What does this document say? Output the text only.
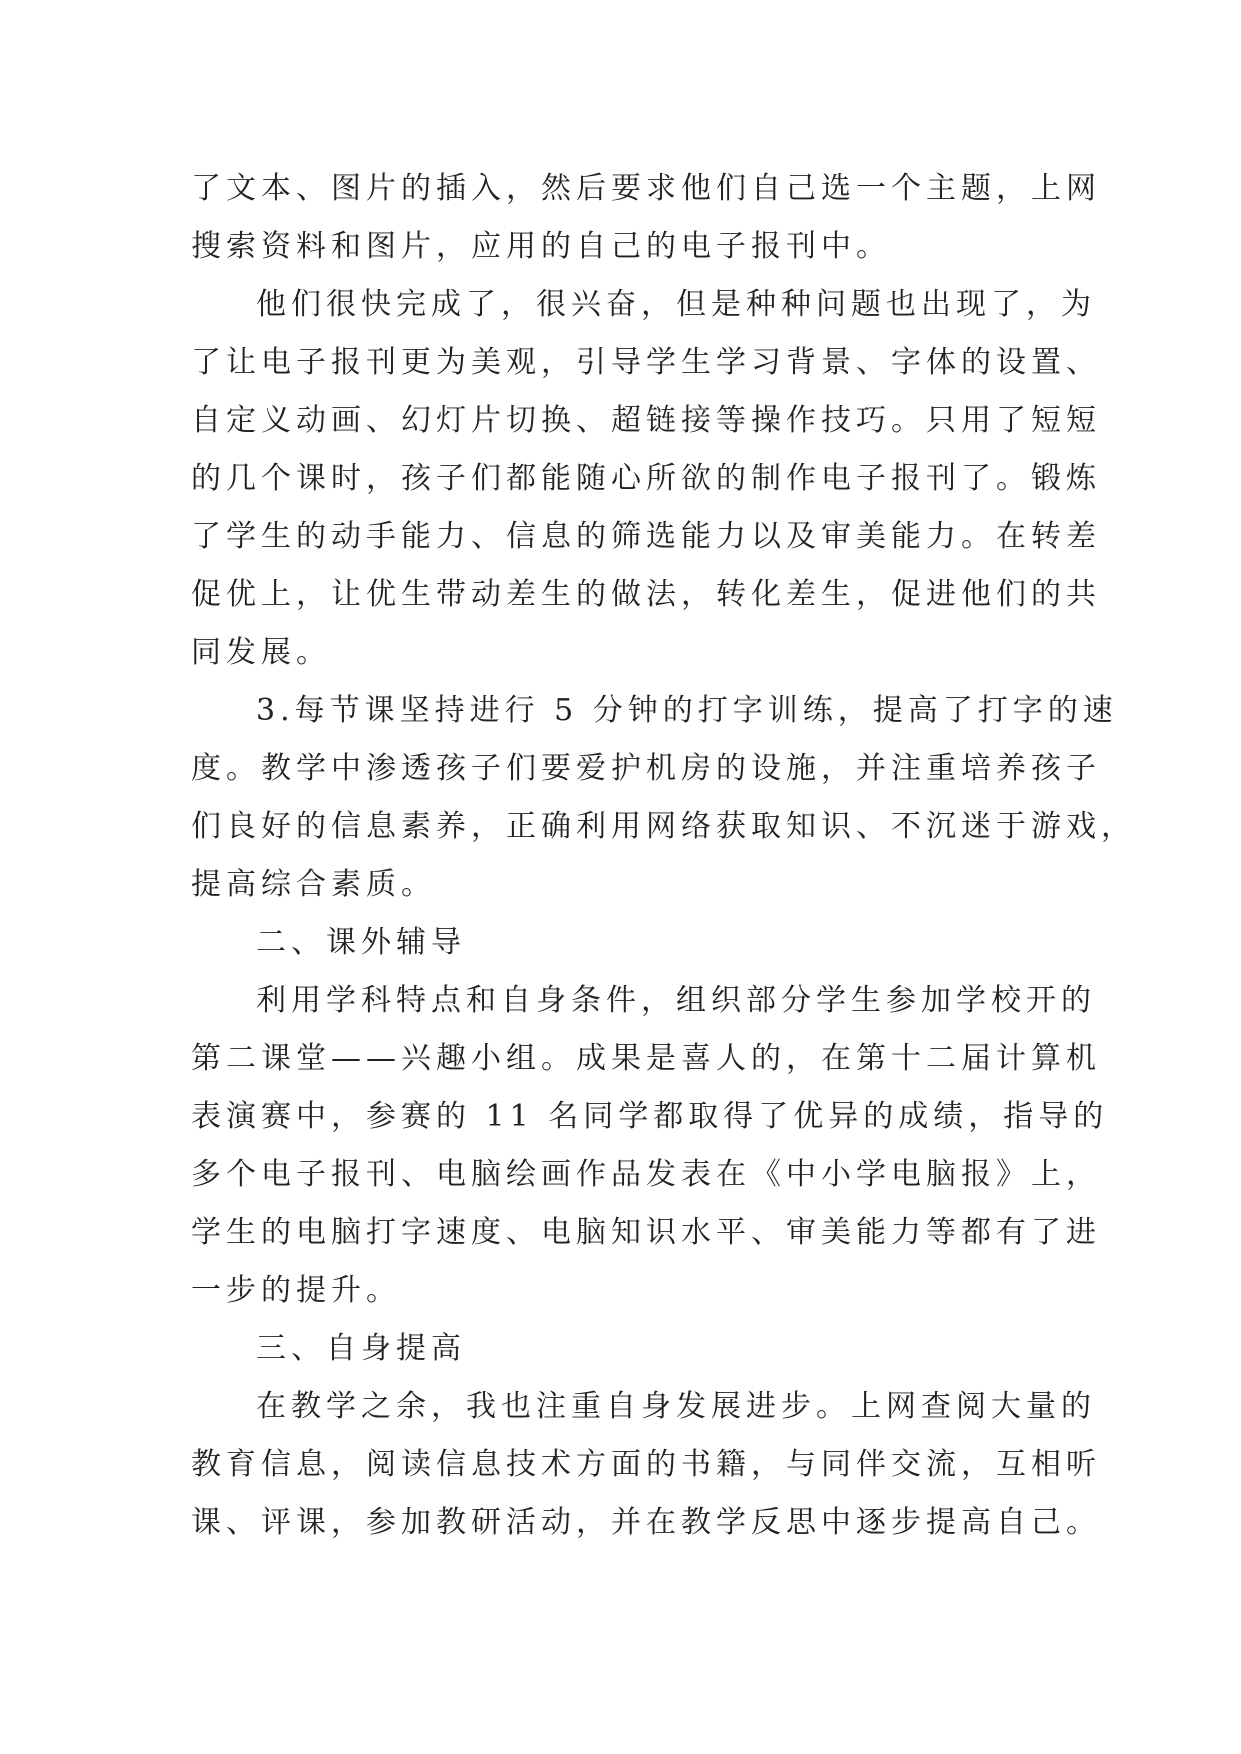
了文本、图片的插入，然后要求他们自己选一个主题，上网
搜索资料和图片，应用的自己的电子报刊中。
他们很快完成了，很兴奋，但是种种问题也出现了，为
了让电子报刊更为美观，引导学生学习背景、字体的设置、
自定义动画、幻灯片切换、超链接等操作技巧。只用了短短
的几个课时，孩子们都能随心所欲的制作电子报刊了。锻炼
了学生的动手能力、信息的筛选能力以及审美能力。在转差
促优上，让优生带动差生的做法，转化差生，促进他们的共
同发展。
3.每节课坚持进行 5 分钟的打字训练，提高了打字的速
度。教学中渗透孩子们要爱护机房的设施，并注重培养孩子
们良好的信息素养，正确利用网络获取知识、不沉迷于游戏，
提高综合素质。
二、课外辅导
利用学科特点和自身条件，组织部分学生参加学校开的
第二课堂——兴趣小组。成果是喜人的，在第十二届计算机
表演赛中，参赛的 11 名同学都取得了优异的成绩，指导的
多个电子报刊、电脑绘画作品发表在《中小学电脑报》上，
学生的电脑打字速度、电脑知识水平、审美能力等都有了进
一步的提升。
三、自身提高
在教学之余，我也注重自身发展进步。上网查阅大量的
教育信息，阅读信息技术方面的书籍，与同伴交流，互相听
课、评课，参加教研活动，并在教学反思中逐步提高自己。
